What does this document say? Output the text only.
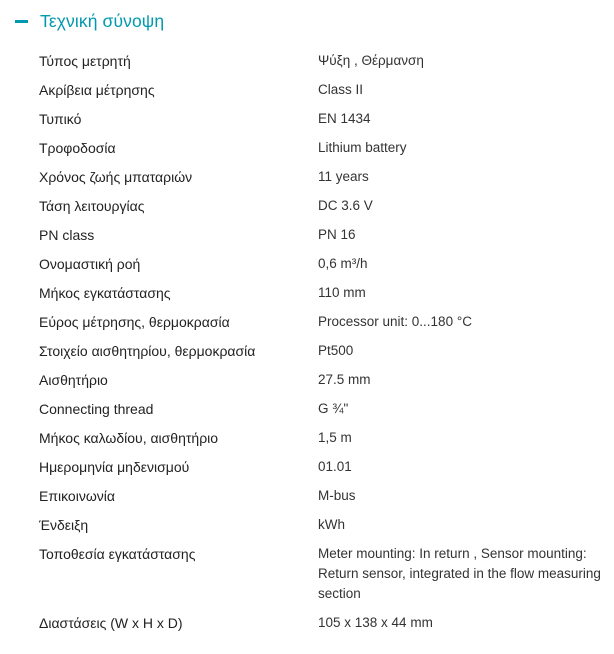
Τεχνική σύνοψη
Τύπος μετρητή	Ψύξη , Θέρμανση
Ακρίβεια μέτρησης	Class II
Τυπικό	EN 1434
Τροφοδοσία	Lithium battery
Χρόνος ζωής μπαταριών	11 years
Τάση λειτουργίας	DC 3.6 V
PN class	PN 16
Ονομαστική ροή	0,6 m³/h
Μήκος εγκατάστασης	110 mm
Εύρος μέτρησης, θερμοκρασία	Processor unit: 0...180 °C
Στοιχείο αισθητηρίου, θερμοκρασία	Pt500
Αισθητήριο	27.5 mm
Connecting thread	G ¾"
Μήκος καλωδίου, αισθητήριο	1,5 m
Ημερομηνία μηδενισμού	01.01
Επικοινωνία	M-bus
Ένδειξη	kWh
Τοποθεσία εγκατάστασης	Meter mounting: In return , Sensor mounting: Return sensor, integrated in the flow measuring section
Διαστάσεις (W x H x D)	105 x 138 x 44 mm
